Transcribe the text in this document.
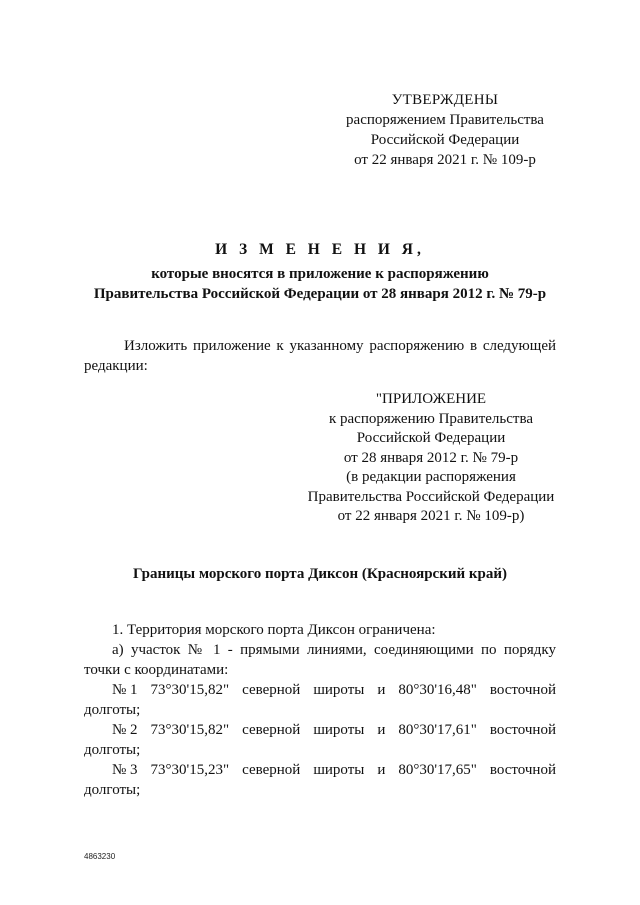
УТВЕРЖДЕНЫ
распоряжением Правительства
Российской Федерации
от 22 января 2021 г. № 109-р
И З М Е Н Е Н И Я,
которые вносятся в приложение к распоряжению
Правительства Российской Федерации от 28 января 2012 г. № 79-р
Изложить приложение к указанному распоряжению в следующей
редакции:
"ПРИЛОЖЕНИЕ
к распоряжению Правительства
Российской Федерации
от 28 января 2012 г. № 79-р
(в редакции распоряжения
Правительства Российской Федерации
от 22 января 2021 г. № 109-р)
Границы морского порта Диксон (Красноярский край)
1. Территория морского порта Диксон ограничена:
а) участок № 1 - прямыми линиями, соединяющими по порядку
точки с координатами:
№ 1 73°30'15,82" северной широты и 80°30'16,48" восточной
долготы;
№ 2 73°30'15,82" северной широты и 80°30'17,61" восточной
долготы;
№ 3 73°30'15,23" северной широты и 80°30'17,65" восточной
долготы;
4863230
